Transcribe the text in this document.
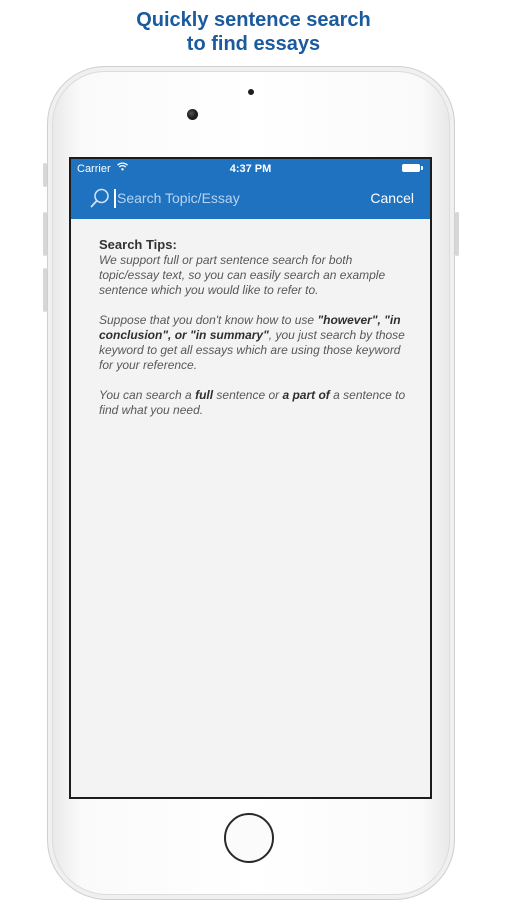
Quickly sentence search
to find essays
Carrier	4:37 PM
Search Topic/Essay
Cancel
Search Tips:

We support full or part sentence search for both topic/essay text, so you can easily search an example sentence which you would like to refer to.

Suppose that you don't know how to use "however", "in conclusion", or "in summary", you just search by those keyword to get all essays which are using those keyword for your reference.

You can search a full sentence or a part of a sentence to find what you need.
